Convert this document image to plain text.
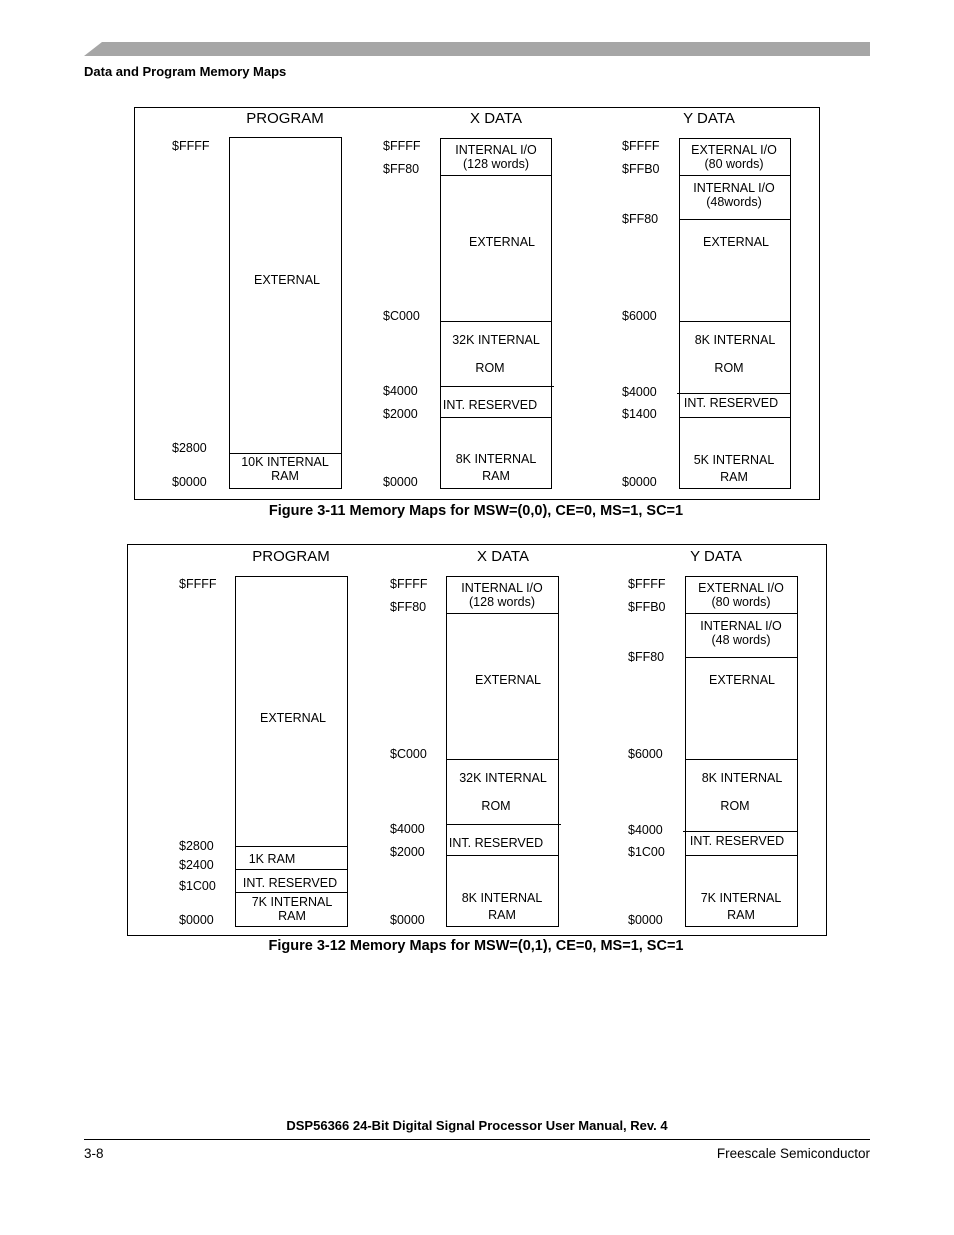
Data and Program Memory Maps
PROGRAM
$FFFF
$2800
$0000
EXTERNAL
10K INTERNAL
RAM
X DATA
$FFFF
$FF80
$C000
$4000
$2000
$0000
INTERNAL I/O
(128 words)
EXTERNAL
32K INTERNAL
ROM
INT. RESERVED
8K INTERNAL
RAM
Y DATA
$FFFF
$FFB0
$FF80
$6000
$4000
$1400
$0000
EXTERNAL I/O
(80 words)
INTERNAL I/O
(48words)
EXTERNAL
8K INTERNAL
ROM
INT. RESERVED
5K INTERNAL
RAM
Figure 3-11 Memory Maps for MSW=(0,0), CE=0, MS=1, SC=1
PROGRAM
$FFFF
$2800
$2400
$1C00
$0000
EXTERNAL
1K RAM
INT. RESERVED
7K INTERNAL
RAM
X DATA
$FFFF
$FF80
$C000
$4000
$2000
$0000
INTERNAL I/O
(128 words)
EXTERNAL
32K INTERNAL
ROM
INT. RESERVED
8K INTERNAL
RAM
Y DATA
$FFFF
$FFB0
$FF80
$6000
$4000
$1C00
$0000
EXTERNAL I/O
(80 words)
INTERNAL I/O
(48 words)
EXTERNAL
8K INTERNAL
ROM
INT. RESERVED
7K INTERNAL
RAM
Figure 3-12 Memory Maps for MSW=(0,1), CE=0, MS=1, SC=1
DSP56366 24-Bit Digital Signal Processor User Manual, Rev. 4
3-8	Freescale Semiconductor
